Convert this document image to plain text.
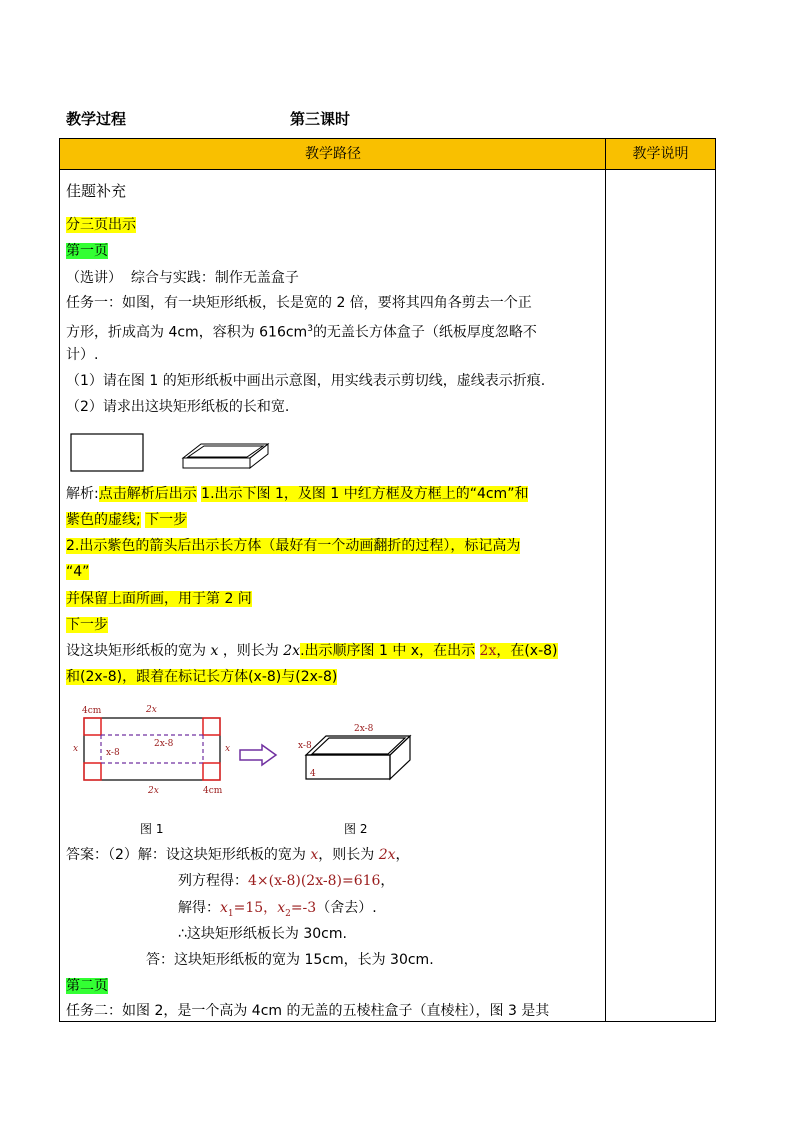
教学过程	第三课时
教学路径	教学说明
佳题补充
分三页出示
第一页
（选讲） 综合与实践：制作无盖盒子
任务一：如图，有一块矩形纸板，长是宽的 2 倍，要将其四角各剪去一个正
方形，折成高为 4cm，容积为 $616cm^3$的无盖长方体盒子（纸板厚度忽略不
计）.
（1）请在图 1 的矩形纸板中画出示意图，用实线表示剪切线，虚线表示折痕.
（2）请求出这块矩形纸板的长和宽.
解析:点击解析后出示 1.出示下图 1，及图 1 中红方框及方框上的“4cm”和
紫色的虚线; 下一步
2.出示紫色的箭头后出示长方体（最好有一个动画翻折的过程），标记高为
“4”
并保留上面所画，用于第 2 问
下一步
设这块矩形纸板的宽为 x ，则长为 2x.出示顺序图 1 中 x，在出示 2x，在(x-8)
和(2x-8)，跟着在标记长方体(x-8)与(2x-8)
4cm	2x
x	x-8
2x-8	x
2x	4cm
2x-8
x-8
4
图 1	图 2
答案：（2）解：设这块矩形纸板的宽为 x，则长为 2x，
列方程得：4×(x-8)(2x-8)=616，
解得：$x_1=15$，$x_2=-3$（舍去）.
∴这块矩形纸板长为 30cm.
答：这块矩形纸板的宽为 15cm，长为 30cm.
第二页
任务二：如图 2，是一个高为 4cm 的无盖的五棱柱盒子（直棱柱），图 3 是其
